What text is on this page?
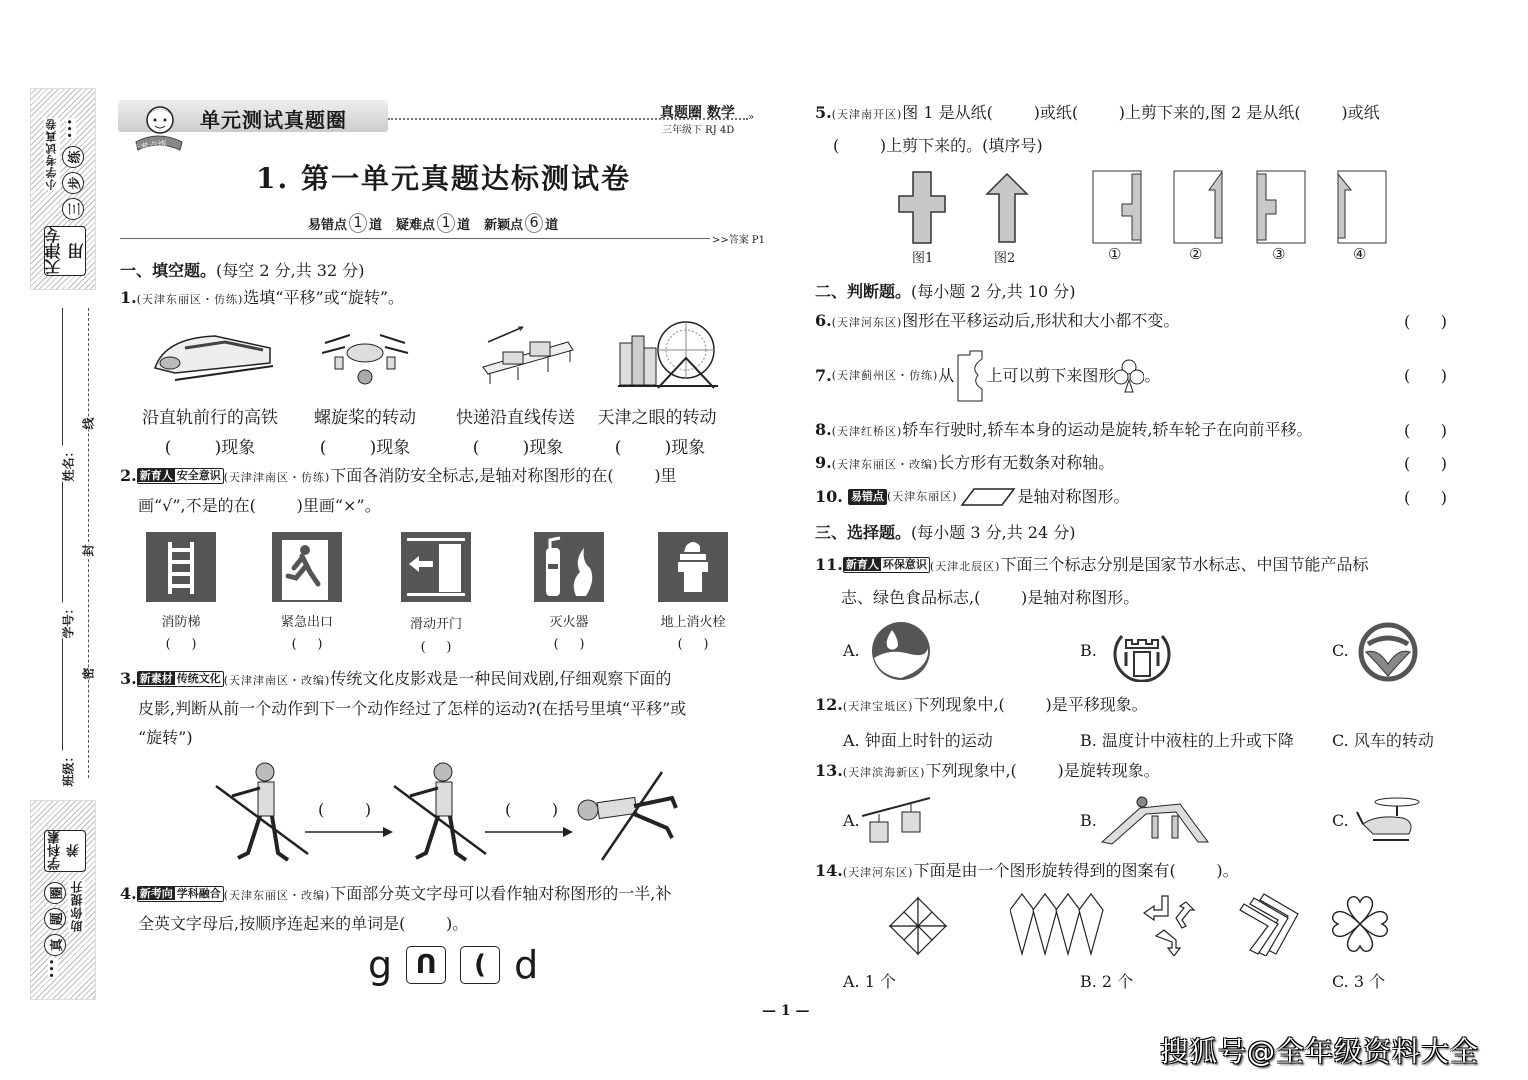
天津专用
三
步
练
小学考试真卷 •••
班级：
学号：
姓名：
密
封
线
学科素养
圈
题
真
助你提升
•••
单元考点练
单元测试真题圈	真题圈 数学
三年级下 RJ 4D
»
1. 第一单元真题达标测试卷
易错点 1 道 疑难点 1 道 新颖点 6 道
>>答案 P1
一、填空题。(每空 2 分,共 32 分)
1.(天津东丽区・仿练)选填“平移”或“旋转”。
沿直轨前行的高铁	螺旋桨的转动	快递沿直线传送	天津之眼的转动
(        )现象	(        )现象	(        )现象	(        )现象
2. 新育人 安全意识 (天津津南区・仿练)下面各消防安全标志,是轴对称图形的在(        )里
画“√”,不是的在(        )里画“×”。
消防梯	紧急出口	滑动开门	灭火器	地上消火栓
(     )	(     )	(     )	(     )	(     )
3. 新素材 传统文化 (天津津南区・改编)传统文化皮影戏是一种民间戏剧,仔细观察下面的
皮影,判断从前一个动作到下一个动作经过了怎样的运动?(在括号里填“平移”或
“旋转”)
(        )	(        )
4. 新考向 学科融合 (天津东丽区・改编)下面部分英文字母可以看作轴对称图形的一半,补
全英文字母后,按顺序连起来的单词是(        )。
g ᑎ	( d
5.(天津南开区)图 1 是从纸(        )或纸(        )上剪下来的,图 2 是从纸(        )或纸
(        )上剪下来的。(填序号)
图1	图2	①	②	③	④
二、判断题。(每小题 2 分,共 10 分)
6.(天津河东区)图形在平移运动后,形状和大小都不变。	(      )
7. (天津蓟州区・仿练) 从 上可以剪下来图形 。	(      )
8.(天津红桥区)轿车行驶时,轿车本身的运动是旋转,轿车轮子在向前平移。	(      )
9.(天津东丽区・改编)长方形有无数条对称轴。	(      )
10.
易错点 (天津东丽区)	是轴对称图形。	(      )
三、选择题。(每小题 3 分,共 24 分)
11. 新育人 环保意识 (天津北辰区)下面三个标志分别是国家节水标志、中国节能产品标
志、绿色食品标志,(        )是轴对称图形。
A.	B.	C.
12.(天津宝坻区)下列现象中,(        )是平移现象。
A. 钟面上时针的运动	B. 温度计中液柱的上升或下降 C. 风车的转动
13.(天津滨海新区)下列现象中,(        )是旋转现象。
A.	B.	C.
14.(天津河东区)下面是由一个图形旋转得到的图案有(        )。
A. 1 个	B. 2 个	C. 3 个
— 1 —
搜狐号@全年级资料大全
